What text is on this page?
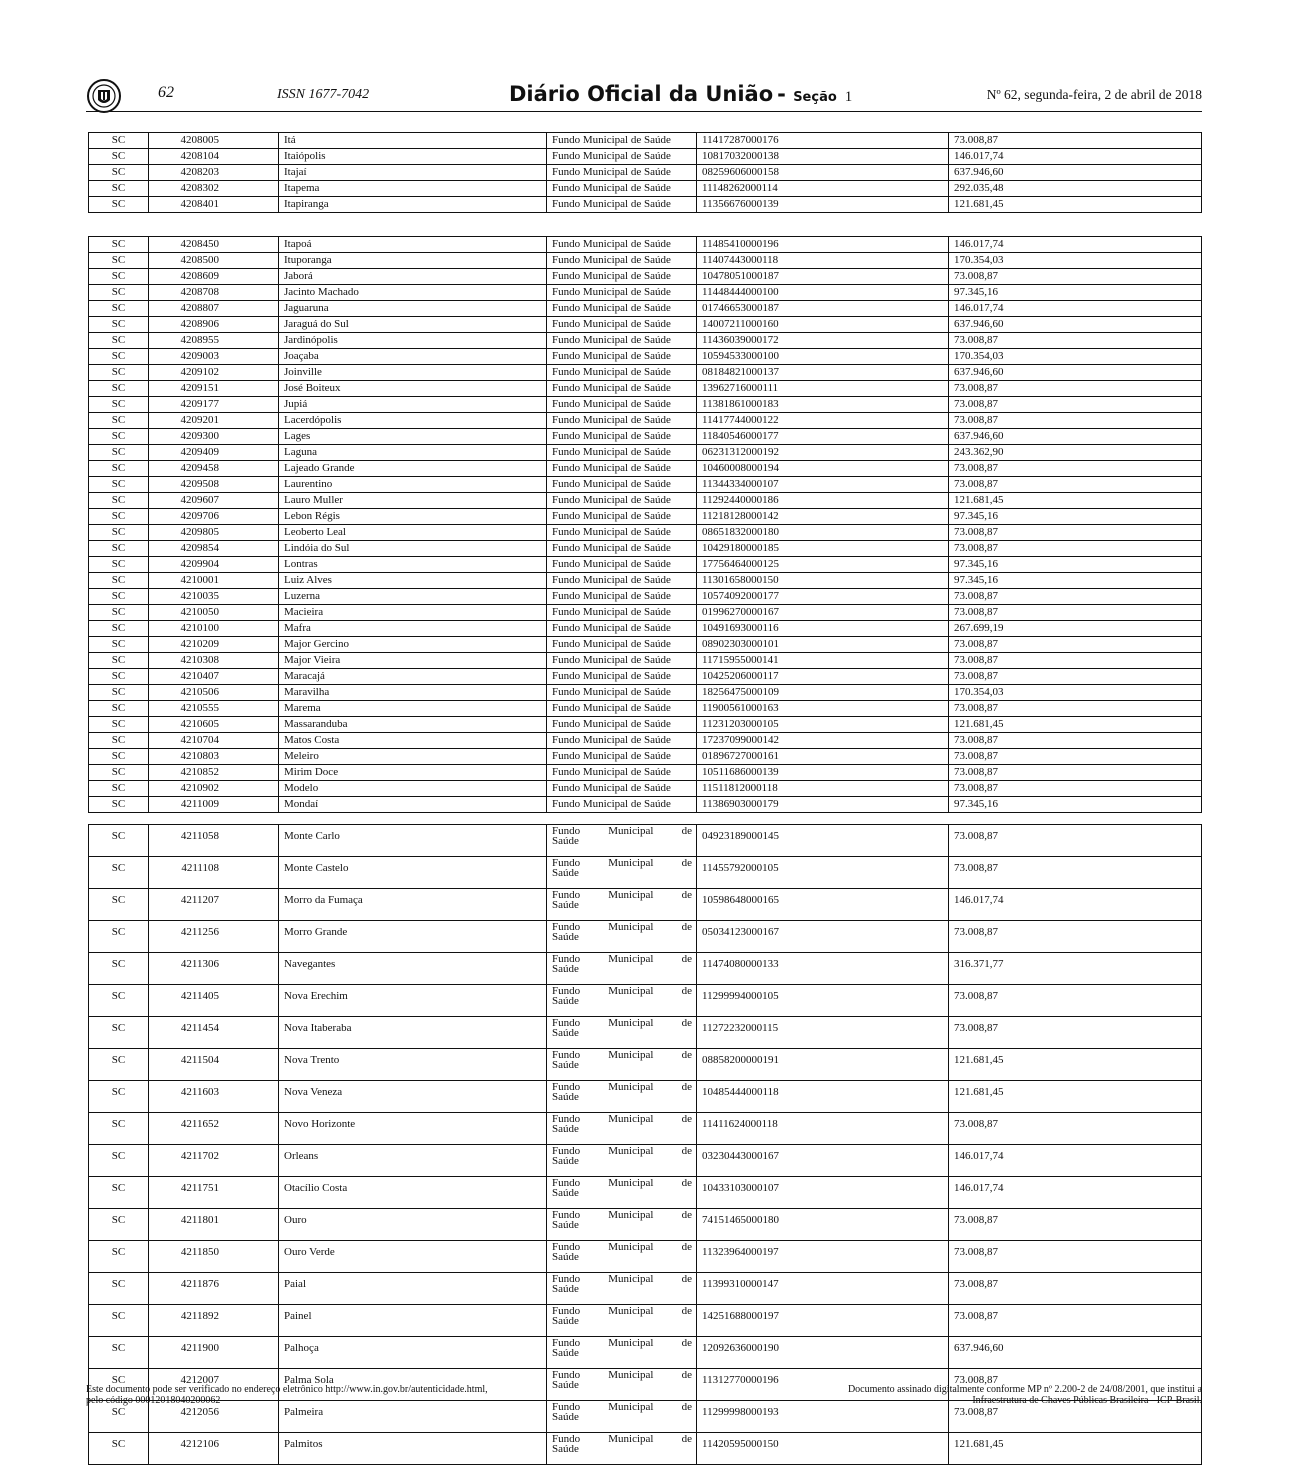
62	ISSN 1677-7042	Diário Oficial da União - Seção 1	Nº 62, segunda-feira, 2 de abril de 2018
SC	4208005	Itá	Fundo Municipal de Saúde	11417287000176	73.008,87
SC	4208104	Itaiópolis	Fundo Municipal de Saúde	10817032000138	146.017,74
SC	4208203	Itajaí	Fundo Municipal de Saúde	08259606000158	637.946,60
SC	4208302	Itapema	Fundo Municipal de Saúde	11148262000114	292.035,48
SC	4208401	Itapiranga	Fundo Municipal de Saúde	11356676000139	121.681,45
SC	4208450	Itapoá	Fundo Municipal de Saúde	11485410000196	146.017,74
SC	4208500	Ituporanga	Fundo Municipal de Saúde	11407443000118	170.354,03
SC	4208609	Jaborá	Fundo Municipal de Saúde	10478051000187	73.008,87
SC	4208708	Jacinto Machado	Fundo Municipal de Saúde	11448444000100	97.345,16
SC	4208807	Jaguaruna	Fundo Municipal de Saúde	01746653000187	146.017,74
SC	4208906	Jaraguá do Sul	Fundo Municipal de Saúde	14007211000160	637.946,60
SC	4208955	Jardinópolis	Fundo Municipal de Saúde	11436039000172	73.008,87
SC	4209003	Joaçaba	Fundo Municipal de Saúde	10594533000100	170.354,03
SC	4209102	Joinville	Fundo Municipal de Saúde	08184821000137	637.946,60
SC	4209151	José Boiteux	Fundo Municipal de Saúde	13962716000111	73.008,87
SC	4209177	Jupiá	Fundo Municipal de Saúde	11381861000183	73.008,87
SC	4209201	Lacerdópolis	Fundo Municipal de Saúde	11417744000122	73.008,87
SC	4209300	Lages	Fundo Municipal de Saúde	11840546000177	637.946,60
SC	4209409	Laguna	Fundo Municipal de Saúde	06231312000192	243.362,90
SC	4209458	Lajeado Grande	Fundo Municipal de Saúde	10460008000194	73.008,87
SC	4209508	Laurentino	Fundo Municipal de Saúde	11344334000107	73.008,87
SC	4209607	Lauro Muller	Fundo Municipal de Saúde	11292440000186	121.681,45
SC	4209706	Lebon Régis	Fundo Municipal de Saúde	11218128000142	97.345,16
SC	4209805	Leoberto Leal	Fundo Municipal de Saúde	08651832000180	73.008,87
SC	4209854	Lindóia do Sul	Fundo Municipal de Saúde	10429180000185	73.008,87
SC	4209904	Lontras	Fundo Municipal de Saúde	17756464000125	97.345,16
SC	4210001	Luiz Alves	Fundo Municipal de Saúde	11301658000150	97.345,16
SC	4210035	Luzerna	Fundo Municipal de Saúde	10574092000177	73.008,87
SC	4210050	Macieira	Fundo Municipal de Saúde	01996270000167	73.008,87
SC	4210100	Mafra	Fundo Municipal de Saúde	10491693000116	267.699,19
SC	4210209	Major Gercino	Fundo Municipal de Saúde	08902303000101	73.008,87
SC	4210308	Major Vieira	Fundo Municipal de Saúde	11715955000141	73.008,87
SC	4210407	Maracajá	Fundo Municipal de Saúde	10425206000117	73.008,87
SC	4210506	Maravilha	Fundo Municipal de Saúde	18256475000109	170.354,03
SC	4210555	Marema	Fundo Municipal de Saúde	11900561000163	73.008,87
SC	4210605	Massaranduba	Fundo Municipal de Saúde	11231203000105	121.681,45
SC	4210704	Matos Costa	Fundo Municipal de Saúde	17237099000142	73.008,87
SC	4210803	Meleiro	Fundo Municipal de Saúde	01896727000161	73.008,87
SC	4210852	Mirim Doce	Fundo Municipal de Saúde	10511686000139	73.008,87
SC	4210902	Modelo	Fundo Municipal de Saúde	11511812000118	73.008,87
SC	4211009	Mondaí	Fundo Municipal de Saúde	11386903000179	97.345,16
SC	4211058	Monte Carlo	Fundo Municipal de
Saúde	04923189000145	73.008,87
SC	4211108	Monte Castelo	Fundo Municipal de
Saúde	11455792000105	73.008,87
SC	4211207	Morro da Fumaça	Fundo Municipal de
Saúde	10598648000165	146.017,74
SC	4211256	Morro Grande	Fundo Municipal de
Saúde	05034123000167	73.008,87
SC	4211306	Navegantes	Fundo Municipal de
Saúde	11474080000133	316.371,77
SC	4211405	Nova Erechim	Fundo Municipal de
Saúde	11299994000105	73.008,87
SC	4211454	Nova Itaberaba	Fundo Municipal de
Saúde	11272232000115	73.008,87
SC	4211504	Nova Trento	Fundo Municipal de
Saúde	08858200000191	121.681,45
SC	4211603	Nova Veneza	Fundo Municipal de
Saúde	10485444000118	121.681,45
SC	4211652	Novo Horizonte	Fundo Municipal de
Saúde	11411624000118	73.008,87
SC	4211702	Orleans	Fundo Municipal de
Saúde	03230443000167	146.017,74
SC	4211751	Otacílio Costa	Fundo Municipal de
Saúde	10433103000107	146.017,74
SC	4211801	Ouro	Fundo Municipal de
Saúde	74151465000180	73.008,87
SC	4211850	Ouro Verde	Fundo Municipal de
Saúde	11323964000197	73.008,87
SC	4211876	Paial	Fundo Municipal de
Saúde	11399310000147	73.008,87
SC	4211892	Painel	Fundo Municipal de
Saúde	14251688000197	73.008,87
SC	4211900	Palhoça	Fundo Municipal de
Saúde	12092636000190	637.946,60
SC	4212007	Palma Sola	Fundo Municipal de
Saúde	11312770000196	73.008,87
SC	4212056	Palmeira	Fundo Municipal de
Saúde	11299998000193	73.008,87
SC	4212106	Palmitos	Fundo Municipal de
Saúde	11420595000150	121.681,45
Este documento pode ser verificado no endereço eletrônico http://www.in.gov.br/autenticidade.html,
pelo código 00012018040200062
Documento assinado digitalmente conforme MP nº 2.200-2 de 24/08/2001, que institui a
Infraestrutura de Chaves Públicas Brasileira - ICP-Brasil.
